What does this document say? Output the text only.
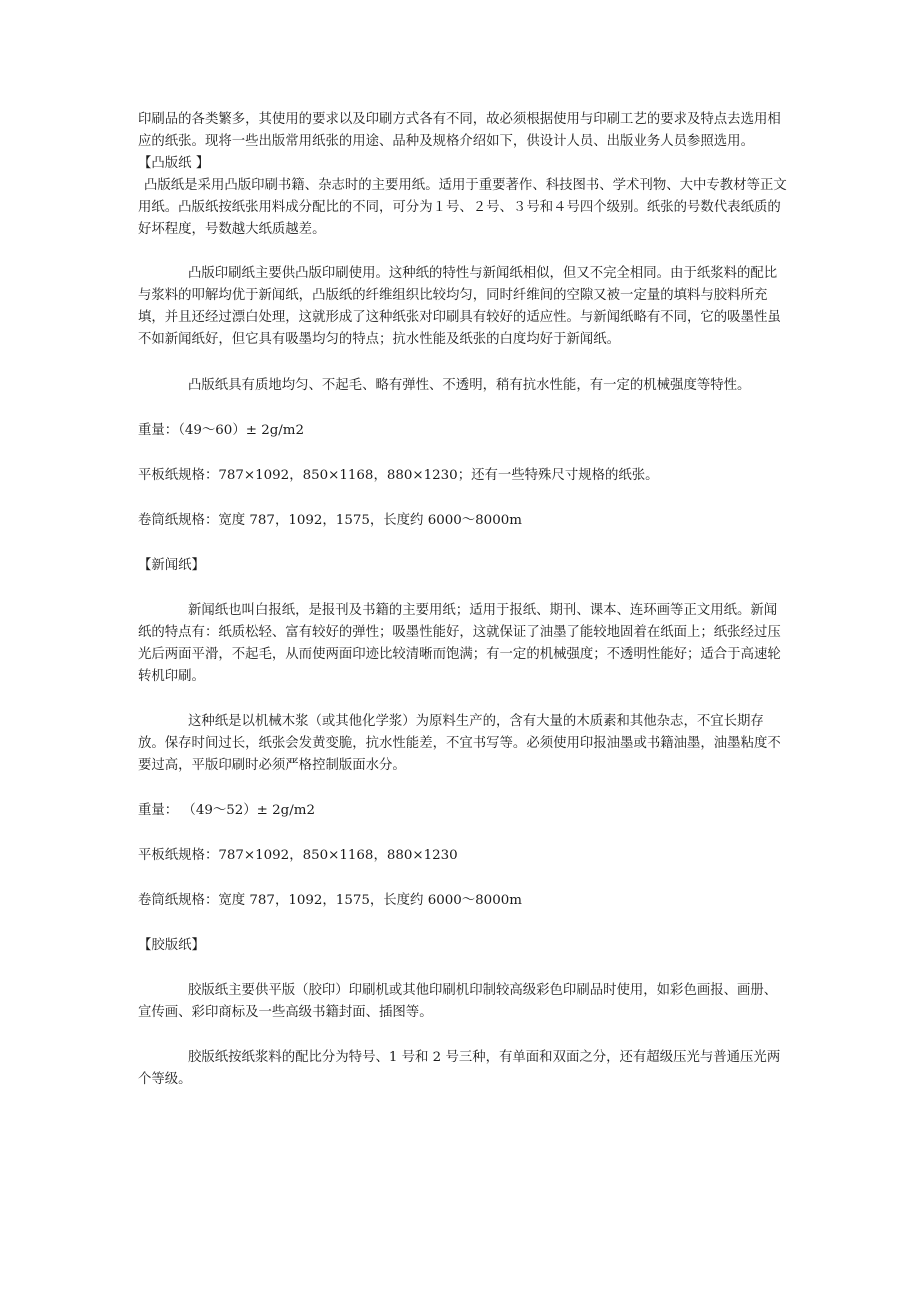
印刷品的各类繁多，其使用的要求以及印刷方式各有不同，故必须根据使用与印刷工艺的要求及特点去选用相应的纸张。现将一些出版常用纸张的用途、品种及规格介绍如下，供设计人员、出版业务人员参照选用。

【凸版纸 】

凸版纸是采用凸版印刷书籍、杂志时的主要用纸。适用于重要著作、科技图书、学术刊物、大中专教材等正文用纸。凸版纸按纸张用料成分配比的不同，可分为１号、２号、３号和４号四个级别。纸张的号数代表纸质的好坏程度，号数越大纸质越差。

凸版印刷纸主要供凸版印刷使用。这种纸的特性与新闻纸相似，但又不完全相同。由于纸浆料的配比与浆料的叩解均优于新闻纸，凸版纸的纤维组织比较均匀，同时纤维间的空隙又被一定量的填料与胶料所充填，并且还经过漂白处理，这就形成了这种纸张对印刷具有较好的适应性。与新闻纸略有不同，它的吸墨性虽不如新闻纸好，但它具有吸墨均匀的特点；抗水性能及纸张的白度均好于新闻纸。

凸版纸具有质地均匀、不起毛、略有弹性、不透明，稍有抗水性能，有一定的机械强度等特性。

重量：（49～60）± 2g/m2

平板纸规格：787×1092，850×1168，880×1230；还有一些特殊尺寸规格的纸张。

卷筒纸规格：宽度 787，1092，1575，长度约 6000～8000m

【新闻纸】

新闻纸也叫白报纸，是报刊及书籍的主要用纸；适用于报纸、期刊、课本、连环画等正文用纸。新闻纸的特点有：纸质松轻、富有较好的弹性；吸墨性能好，这就保证了油墨了能较地固着在纸面上；纸张经过压光后两面平滑，不起毛，从而使两面印迹比较清晰而饱满；有一定的机械强度；不透明性能好；适合于高速轮转机印刷。

这种纸是以机械木浆（或其他化学浆）为原料生产的，含有大量的木质素和其他杂志，不宜长期存放。保存时间过长，纸张会发黄变脆，抗水性能差，不宜书写等。必须使用印报油墨或书籍油墨，油墨粘度不要过高，平版印刷时必须严格控制版面水分。

重量： （49～52）± 2g/m2

平板纸规格：787×1092，850×1168，880×1230

卷筒纸规格：宽度 787，1092，1575，长度约 6000～8000m

【胶版纸】

胶版纸主要供平版（胶印）印刷机或其他印刷机印制较高级彩色印刷品时使用，如彩色画报、画册、宣传画、彩印商标及一些高级书籍封面、插图等。

胶版纸按纸浆料的配比分为特号、1 号和 2 号三种，有单面和双面之分，还有超级压光与普通压光两个等级。
